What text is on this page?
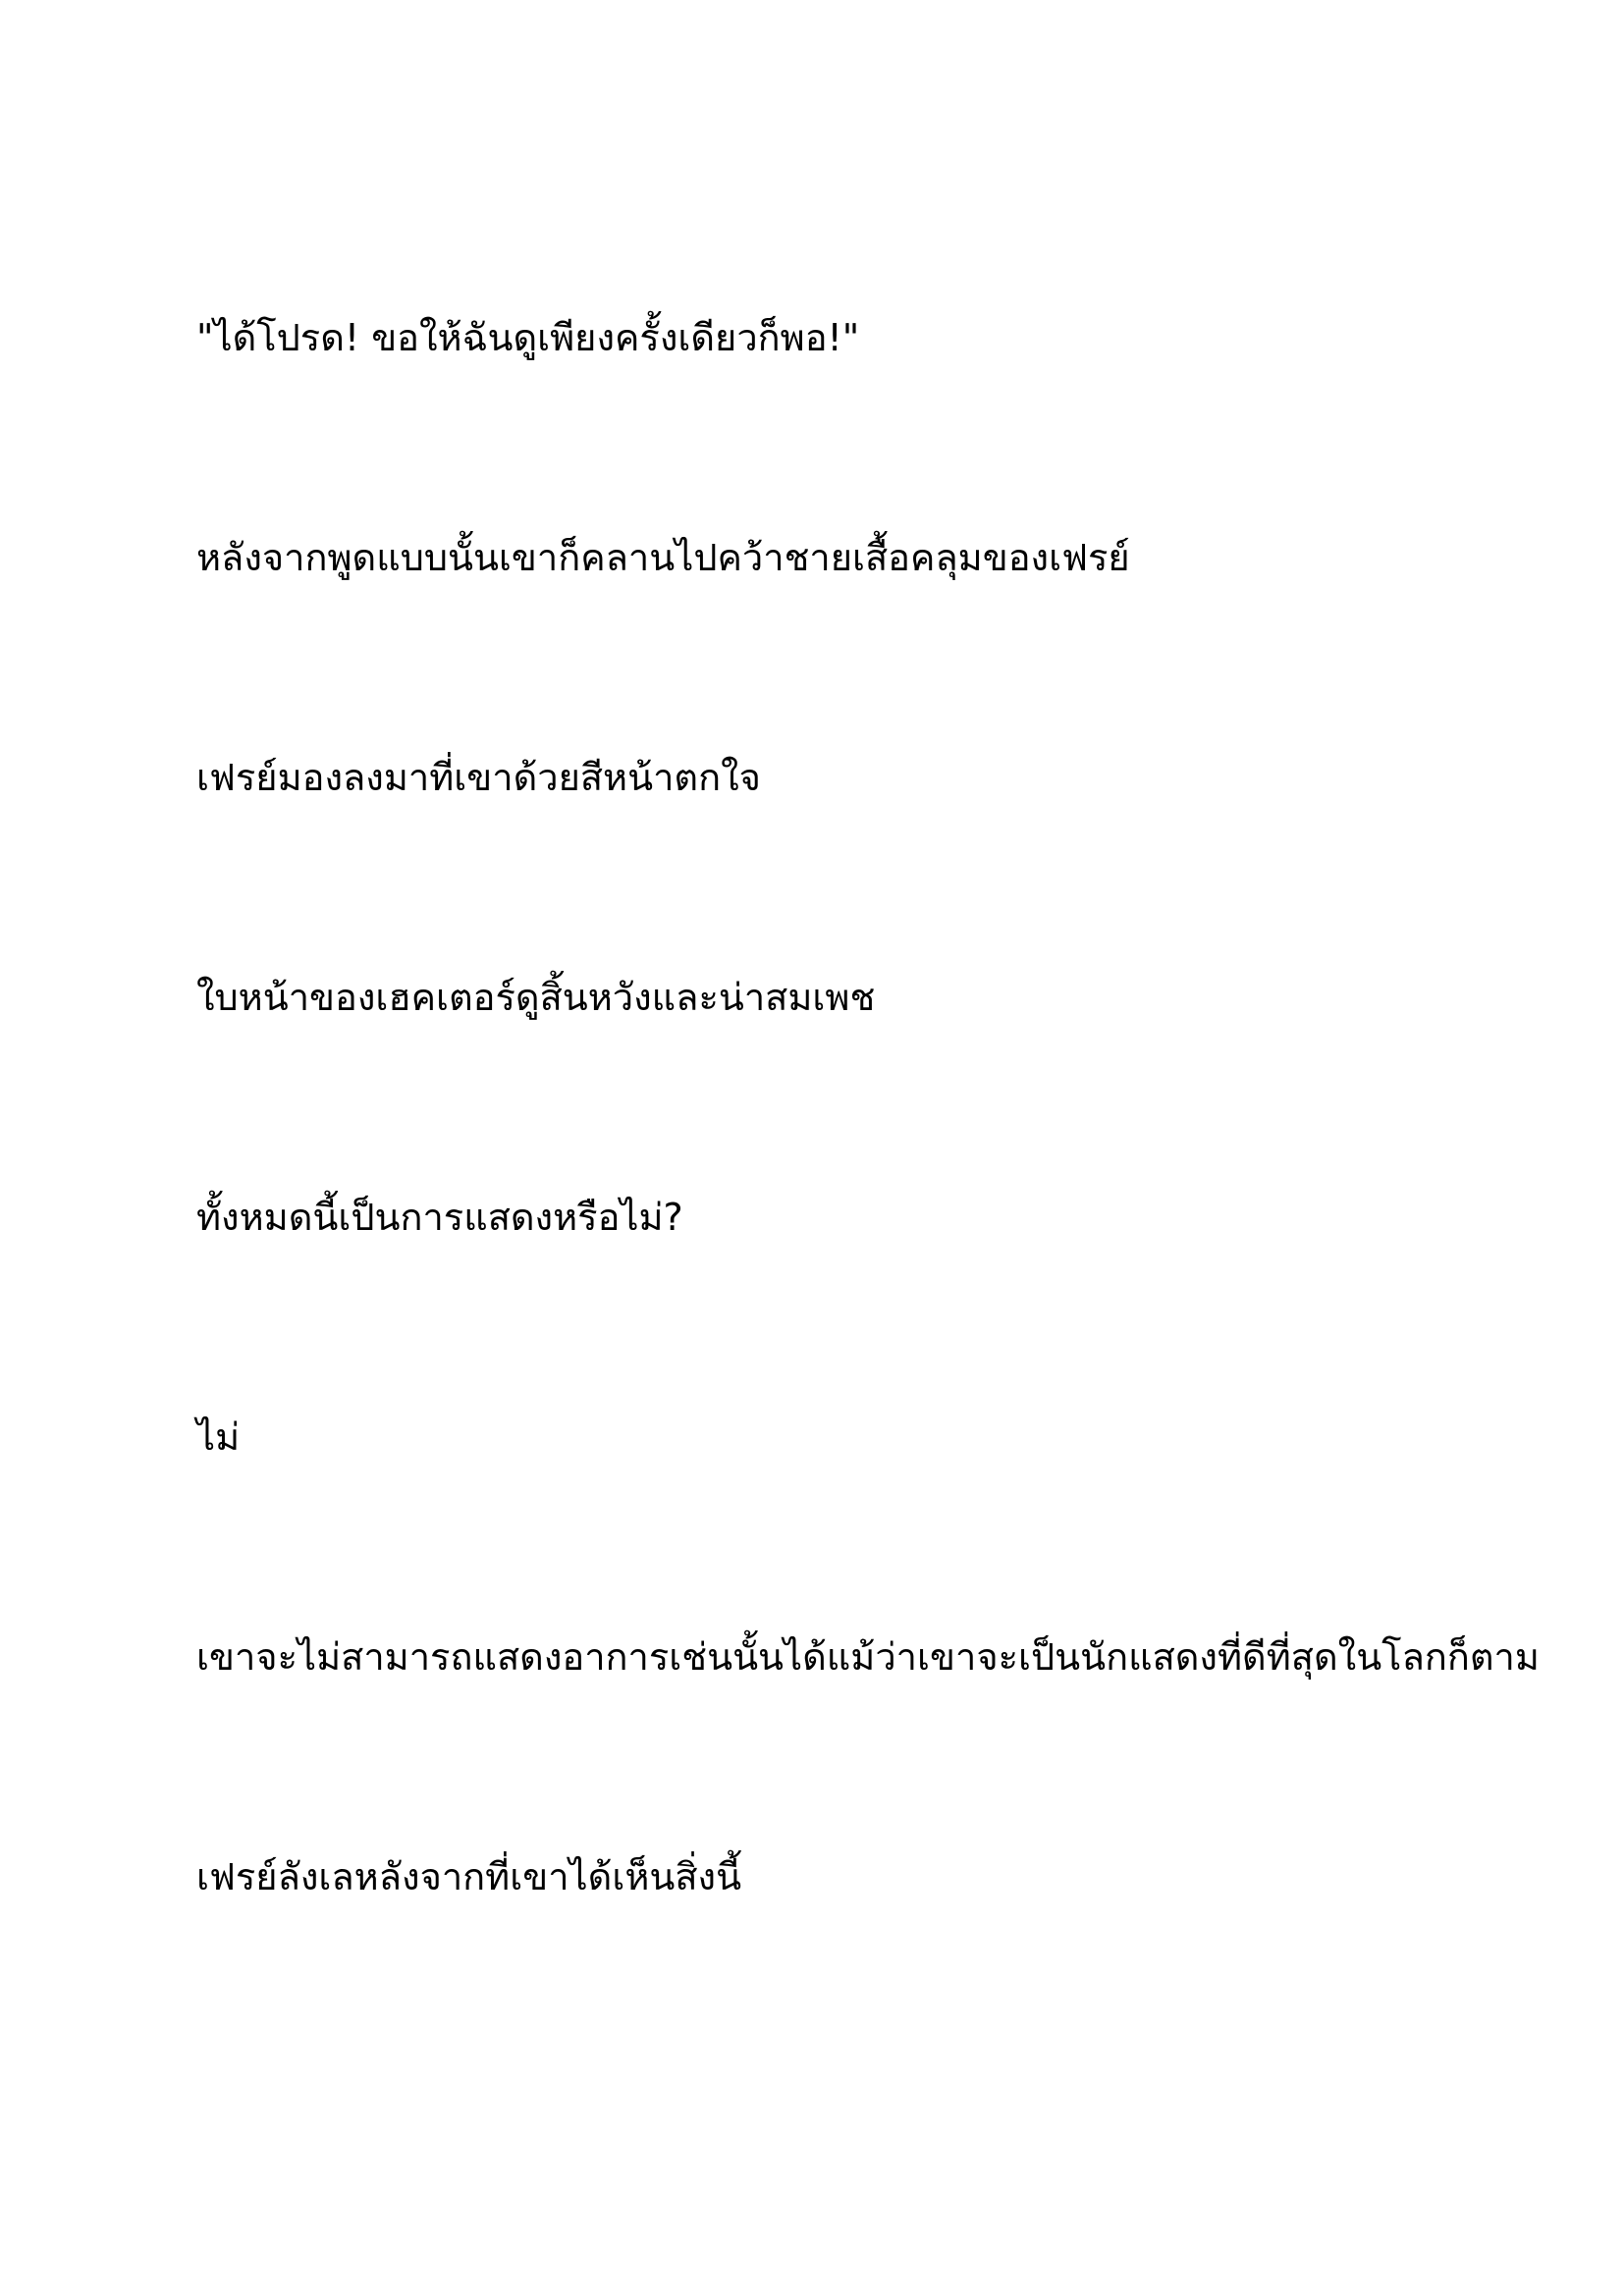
"ได้โปรด! ขอให้ฉันดูเพียงครั้งเดียวก็พอ!"

หลังจากพูดแบบนั้นเขาก็คลานไปคว้าชายเสื้อคลุมของเฟรย์

เฟรย์มองลงมาที่เขาด้วยสีหน้าตกใจ

ใบหน้าของเฮคเตอร์ดูสิ้นหวังและน่าสมเพช

ทั้งหมดนี้เป็นการแสดงหรือไม่?

ไม่

เขาจะไม่สามารถแสดงอาการเช่นนั้นได้แม้ว่าเขาจะเป็นนักแสดงที่ดีที่สุดในโลกก็ตาม

เฟรย์ลังเลหลังจากที่เขาได้เห็นสิ่งนี้
